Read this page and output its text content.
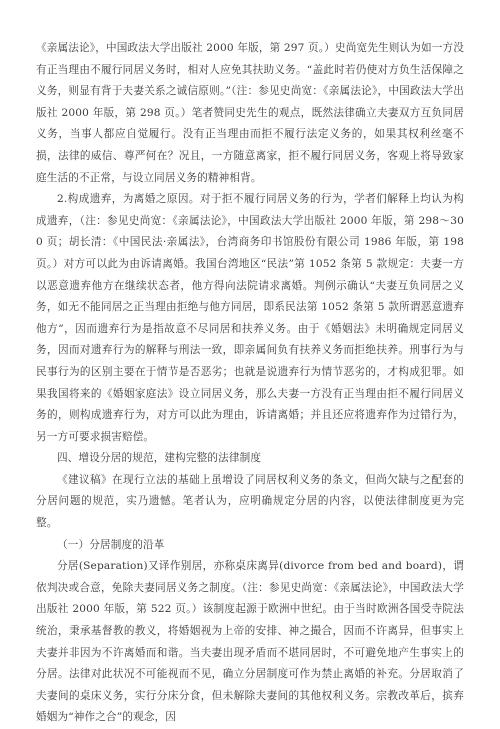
《亲属法论》，中国政法大学出版社 2000 年版，第 297 页。）史尚宽先生则认为如一方没有正当理由不履行同居义务时，相对人应免其扶助义务。“盖此时若仍使对方负生活保障之义务，则显有背于夫妻关系之诚信原则。”（注：参见史尚宽：《亲属法论》，中国政法大学出版社 2000 年版，第 298 页。）笔者赞同史先生的观点，既然法律确立夫妻双方互负同居义务，当事人都应自觉履行。没有正当理由而拒不履行法定义务的，如果其权利丝毫不损，法律的威信、尊严何在？况且，一方随意离家，拒不履行同居义务，客观上将导致家庭生活的不正常，与设立同居义务的精神相背。

2.构成遗弃，为离婚之原因。对于拒不履行同居义务的行为，学者们解释上均认为构成遗弃，（注：参见史尚宽：《亲属法论》，中国政法大学出版社 2000 年版，第 298～300 页；胡长清：《中国民法·亲属法》，台湾商务印书馆股份有限公司 1986 年版，第 198 页。）对方可以此为由诉请离婚。我国台湾地区“民法”第 1052 条第 5 款规定：夫妻一方以恶意遗弃他方在继续状态者，他方得向法院请求离婚。判例示确认“夫妻互负同居之义务，如无不能同居之正当理由拒绝与他方同居，即系民法第 1052 条第 5 款所谓恶意遗弃他方”，因而遗弃行为是指故意不尽同居和扶养义务。由于《婚姻法》未明确规定同居义务，因而对遗弃行为的解释与刑法一致，即亲属间负有扶养义务而拒绝扶养。刑事行为与民事行为的区别主要在于情节是否恶劣；也就是说遗弃行为情节恶劣的，才构成犯罪。如果我国将来的《婚姻家庭法》设立同居义务，那么夫妻一方没有正当理由拒不履行同居义务的，则构成遗弃行为，对方可以此为理由，诉请离婚；并且还应将遗弃作为过错行为，另一方可要求损害赔偿。

四、增设分居的规范，建构完整的法律制度

《建议稿》在现行立法的基础上虽增设了同居权利义务的条文，但尚欠缺与之配套的分居问题的规范，实乃遗憾。笔者认为，应明确规定分居的内容，以使法律制度更为完整。

（一）分居制度的沿革

分居(Separation)又译作别居，亦称桌床离异(divorce from bed and board)，谓依判决或合意，免除夫妻同居义务之制度。（注：参见史尚宽：《亲属法论》，中国政法大学出版社 2000 年版，第 522 页。）该制度起源于欧洲中世纪。由于当时欧洲各国受寺院法统治，秉承基督教的教义，将婚姻视为上帝的安排、神之撮合，因而不许离异，但事实上夫妻并非因为不许离婚而和谐。当夫妻出现矛盾而不堪同居时，不可避免地产生事实上的分居。法律对此状况不可能视而不见，确立分居制度可作为禁止离婚的补充。分居取消了夫妻间的桌床义务，实行分床分食，但未解除夫妻间的其他权利义务。宗教改革后，摈弃婚姻为“神作之合”的观念，因
